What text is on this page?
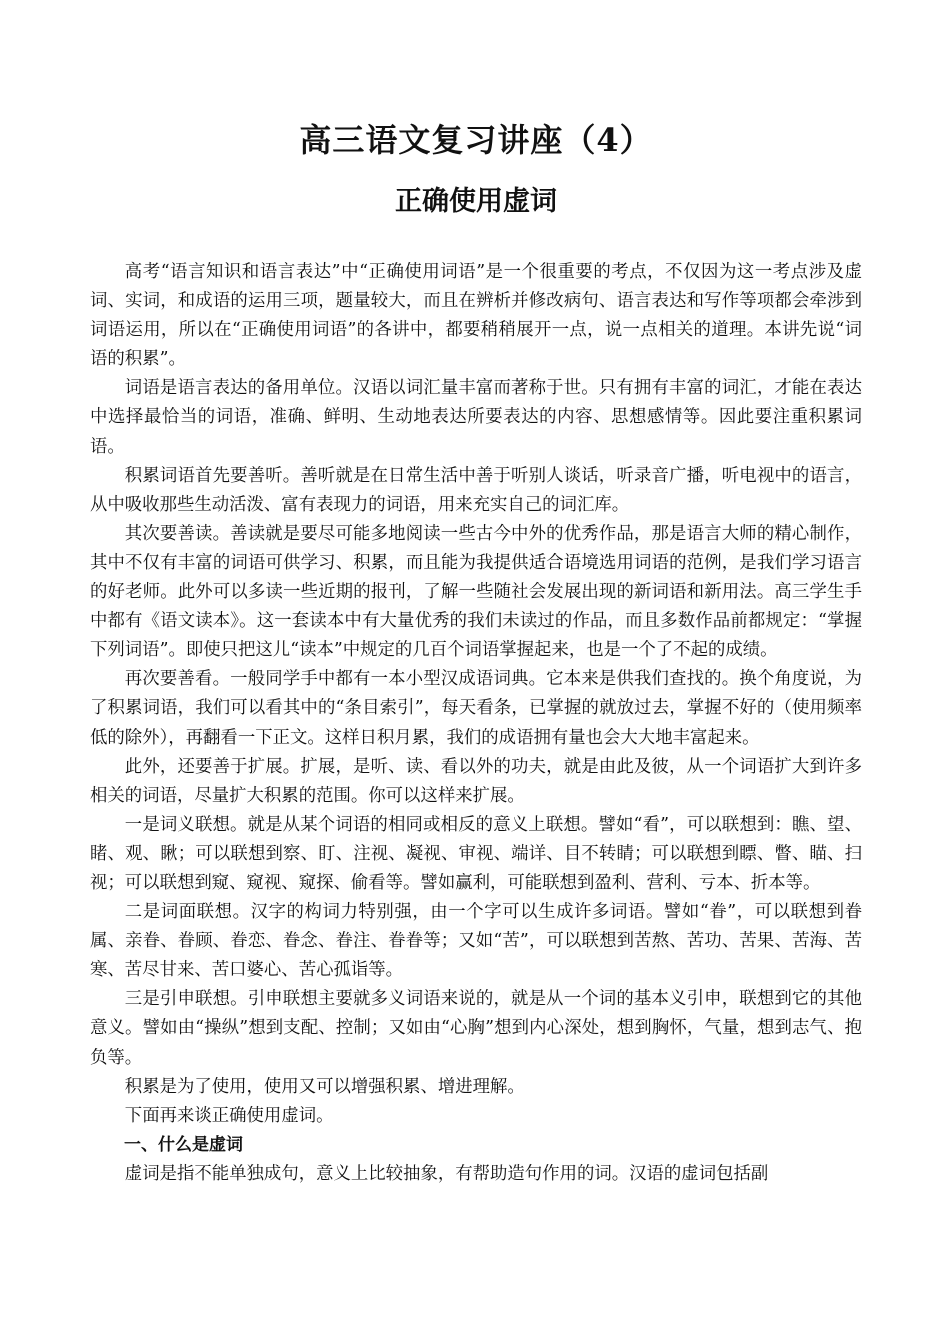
高三语文复习讲座（4）
正确使用虚词

高考“语言知识和语言表达”中“正确使用词语”是一个很重要的考点，不仅因为这一考点涉及虚词、实词，和成语的运用三项，题量较大，而且在辨析并修改病句、语言表达和写作等项都会牵涉到词语运用，所以在“正确使用词语”的各讲中，都要稍稍展开一点，说一点相关的道理。本讲先说“词语的积累”。

词语是语言表达的备用单位。汉语以词汇量丰富而著称于世。只有拥有丰富的词汇，才能在表达中选择最恰当的词语，准确、鲜明、生动地表达所要表达的内容、思想感情等。因此要注重积累词语。

积累词语首先要善听。善听就是在日常生活中善于听别人谈话，听录音广播，听电视中的语言，从中吸收那些生动活泼、富有表现力的词语，用来充实自己的词汇库。

其次要善读。善读就是要尽可能多地阅读一些古今中外的优秀作品，那是语言大师的精心制作，其中不仅有丰富的词语可供学习、积累，而且能为我提供适合语境选用词语的范例，是我们学习语言的好老师。此外可以多读一些近期的报刊，了解一些随社会发展出现的新词语和新用法。高三学生手中都有《语文读本》。这一套读本中有大量优秀的我们未读过的作品，而且多数作品前都规定：“掌握下列词语”。即使只把这儿“读本”中规定的几百个词语掌握起来，也是一个了不起的成绩。

再次要善看。一般同学手中都有一本小型汉成语词典。它本来是供我们查找的。换个角度说，为了积累词语，我们可以看其中的“条目索引”，每天看条，已掌握的就放过去，掌握不好的（使用频率低的除外），再翻看一下正文。这样日积月累，我们的成语拥有量也会大大地丰富起来。

此外，还要善于扩展。扩展，是听、读、看以外的功夫，就是由此及彼，从一个词语扩大到许多相关的词语，尽量扩大积累的范围。你可以这样来扩展。

一是词义联想。就是从某个词语的相同或相反的意义上联想。譬如“看”，可以联想到：瞧、望、睹、观、瞅；可以联想到察、盯、注视、凝视、审视、端详、目不转睛；可以联想到瞟、瞥、瞄、扫视；可以联想到窥、窥视、窥探、偷看等。譬如赢利，可能联想到盈利、营利、亏本、折本等。

二是词面联想。汉字的构词力特别强，由一个字可以生成许多词语。譬如“眷”，可以联想到眷属、亲眷、眷顾、眷恋、眷念、眷注、眷眷等；又如“苦”，可以联想到苦熬、苦功、苦果、苦海、苦寒、苦尽甘来、苦口婆心、苦心孤诣等。

三是引申联想。引申联想主要就多义词语来说的，就是从一个词的基本义引申，联想到它的其他意义。譬如由“操纵”想到支配、控制；又如由“心胸”想到内心深处，想到胸怀，气量，想到志气、抱负等。

积累是为了使用，使用又可以增强积累、增进理解。

下面再来谈正确使用虚词。

一、什么是虚词

虚词是指不能单独成句，意义上比较抽象，有帮助造句作用的词。汉语的虚词包括副
